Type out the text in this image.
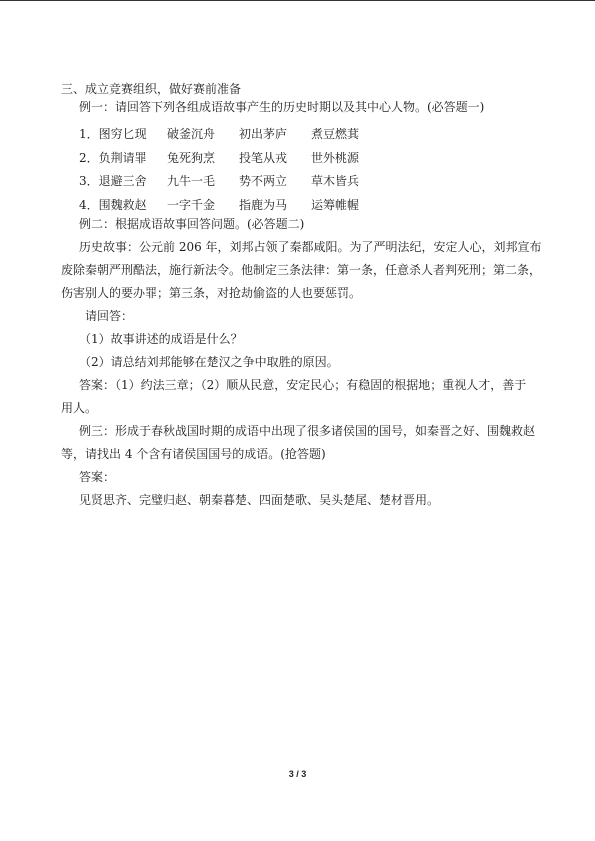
三、成立竞赛组织，做好赛前准备
例一：请回答下列各组成语故事产生的历史时期以及其中心人物。(必答题一)
1．图穷匕现	破釜沉舟	初出茅庐	煮豆燃萁
2．负荆请罪	兔死狗烹	投笔从戎	世外桃源
3．退避三舍	九牛一毛	势不两立	草木皆兵
4．围魏救赵	一字千金	指鹿为马	运筹帷幄
例二：根据成语故事回答问题。(必答题二)
历史故事：公元前 206 年，刘邦占领了秦都咸阳。为了严明法纪，安定人心，刘邦宣布
废除秦朝严刑酷法，施行新法令。他制定三条法律：第一条，任意杀人者判死刑；第二条，
伤害别人的要办罪；第三条，对抢劫偷盗的人也要惩罚。
请回答：
（1）故事讲述的成语是什么？
（2）请总结刘邦能够在楚汉之争中取胜的原因。
答案：（1）约法三章；（2）顺从民意，安定民心；有稳固的根据地；重视人才，善于
用人。
例三：形成于春秋战国时期的成语中出现了很多诸侯国的国号，如秦晋之好、围魏救赵
等，请找出 4 个含有诸侯国国号的成语。(抢答题)
答案：
见贤思齐、完璧归赵、朝秦暮楚、四面楚歌、吴头楚尾、楚材晋用。
3 / 3
